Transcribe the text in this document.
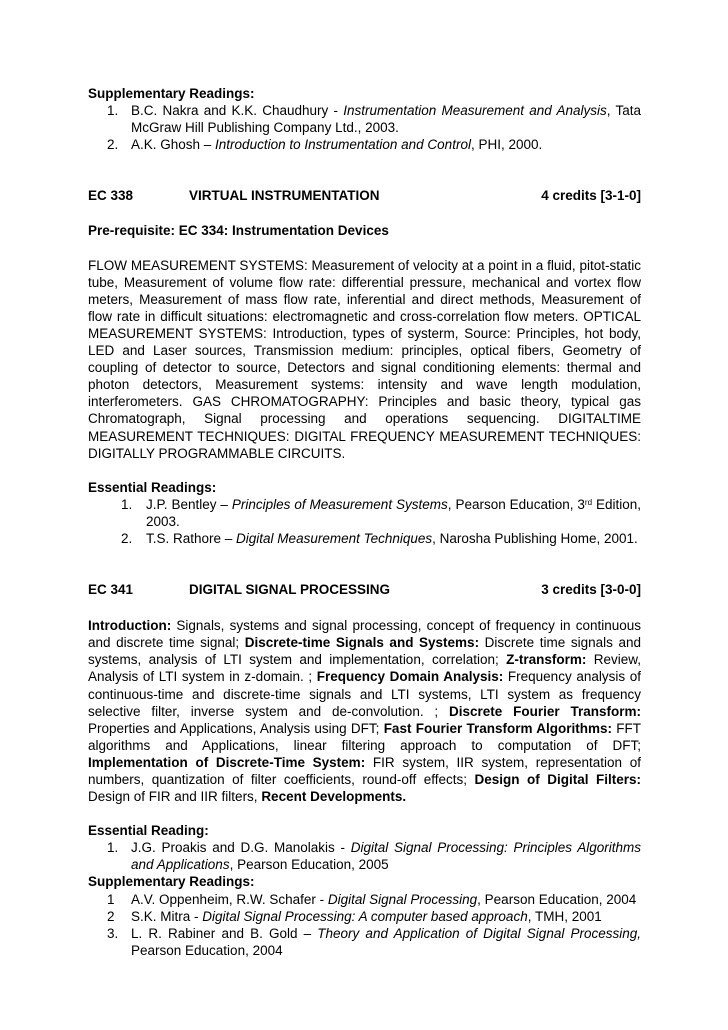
Supplementary Readings:
1. B.C. Nakra and K.K. Chaudhury - Instrumentation Measurement and Analysis, Tata
McGraw Hill Publishing Company Ltd., 2003.
2. A.K. Ghosh – Introduction to Instrumentation and Control, PHI, 2000.
EC 338	VIRTUAL INSTRUMENTATION	4 credits [3-1-0]
Pre-requisite: EC 334: Instrumentation Devices
FLOW MEASUREMENT SYSTEMS: Measurement of velocity at a point in a fluid, pitot-static
tube, Measurement of volume flow rate: differential pressure, mechanical and vortex flow
meters, Measurement of mass flow rate, inferential and direct methods, Measurement of
flow rate in difficult situations: electromagnetic and cross-correlation flow meters. OPTICAL
MEASUREMENT SYSTEMS: Introduction, types of systerm, Source: Principles, hot body,
LED and Laser sources, Transmission medium: principles, optical fibers, Geometry of
coupling of detector to source, Detectors and signal conditioning elements: thermal and
photon detectors, Measurement systems: intensity and wave length modulation,
interferometers. GAS CHROMATOGRAPHY: Principles and basic theory, typical gas
Chromatograph, Signal processing and operations sequencing. DIGITALTIME
MEASUREMENT TECHNIQUES: DIGITAL FREQUENCY MEASUREMENT TECHNIQUES:
DIGITALLY PROGRAMMABLE CIRCUITS.
Essential Readings:
1. J.P. Bentley – Principles of Measurement Systems, Pearson Education, 3rd Edition,
2003.
2. T.S. Rathore – Digital Measurement Techniques, Narosha Publishing Home, 2001.
EC 341	DIGITAL SIGNAL PROCESSING	3 credits [3-0-0]
Introduction: Signals, systems and signal processing, concept of frequency in continuous
and discrete time signal; Discrete-time Signals and Systems: Discrete time signals and
systems, analysis of LTI system and implementation, correlation; Z-transform: Review,
Analysis of LTI system in z-domain. ; Frequency Domain Analysis: Frequency analysis of
continuous-time and discrete-time signals and LTI systems, LTI system as frequency
selective filter, inverse system and de-convolution. ; Discrete Fourier Transform:
Properties and Applications, Analysis using DFT; Fast Fourier Transform Algorithms: FFT
algorithms and Applications, linear filtering approach to computation of DFT;
Implementation of Discrete-Time System: FIR system, IIR system, representation of
numbers, quantization of filter coefficients, round-off effects; Design of Digital Filters:
Design of FIR and IIR filters, Recent Developments.
Essential Reading:
1. J.G. Proakis and D.G. Manolakis - Digital Signal Processing: Principles Algorithms
and Applications, Pearson Education, 2005
Supplementary Readings:
1 A.V. Oppenheim, R.W. Schafer - Digital Signal Processing, Pearson Education, 2004
2 S.K. Mitra - Digital Signal Processing: A computer based approach, TMH, 2001
3. L. R. Rabiner and B. Gold – Theory and Application of Digital Signal Processing,
Pearson Education, 2004
